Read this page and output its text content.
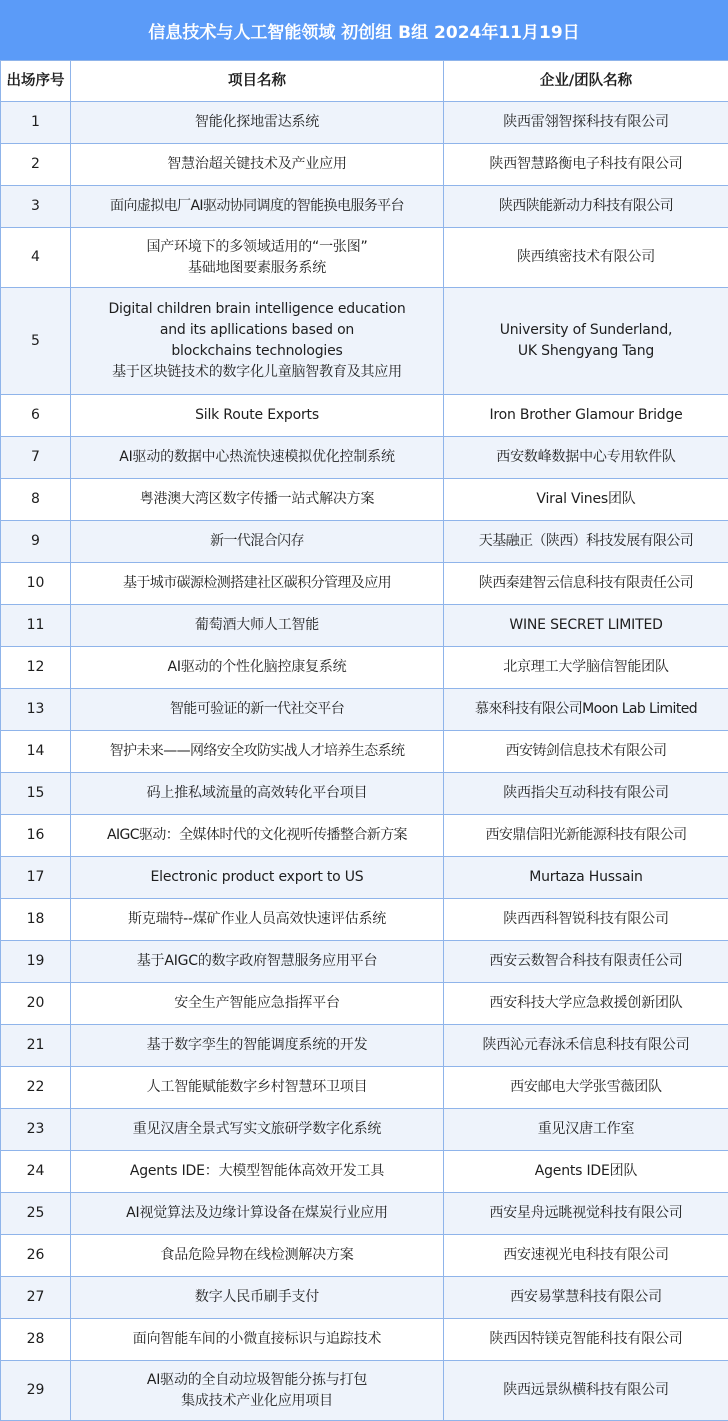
信息技术与人工智能领域 初创组 B组 2024年11月19日
出场序号	项目名称	企业/团队名称
1	智能化探地雷达系统	陕西雷翎智探科技有限公司

2	智慧治超关键技术及产业应用	陕西智慧路衡电子科技有限公司

3	面向虚拟电厂AI驱动协同调度的智能换电服务平台	陕西陕能新动力科技有限公司

4	国产环境下的多领域适用的“一张图”
基础地图要素服务系统	陕西缜密技术有限公司

5	Digital children brain intelligence education
and its apllications based on
blockchains technologies
基于区块链技术的数字化儿童脑智教育及其应用	University of Sunderland,
UK Shengyang Tang

6	Silk Route Exports	Iron Brother Glamour Bridge

7	AI驱动的数据中心热流快速模拟优化控制系统	西安数峰数据中心专用软件队

8	粤港澳大湾区数字传播一站式解决方案	Viral Vines团队

9	新一代混合闪存	天基融正（陕西）科技发展有限公司

10	基于城市碳源检测搭建社区碳积分管理及应用	陕西秦建智云信息科技有限责任公司

11	葡萄酒大师人工智能	WINE SECRET LIMITED

12	AI驱动的个性化脑控康复系统	北京理工大学脑信智能团队

13	智能可验证的新一代社交平台	慕來科技有限公司Moon Lab Limited

14	智护未来——网络安全攻防实战人才培养生态系统	西安铸剑信息技术有限公司

15	码上推私域流量的高效转化平台项目	陕西指尖互动科技有限公司

16	AIGC驱动：全媒体时代的文化视听传播整合新方案	西安鼎信阳光新能源科技有限公司

17	Electronic product export to US	Murtaza Hussain

18	斯克瑞特--煤矿作业人员高效快速评估系统	陕西西科智锐科技有限公司

19	基于AIGC的数字政府智慧服务应用平台	西安云数智合科技有限责任公司

20	安全生产智能应急指挥平台	西安科技大学应急救援创新团队

21	基于数字孪生的智能调度系统的开发	陕西沁元春泳禾信息科技有限公司

22	人工智能赋能数字乡村智慧环卫项目	西安邮电大学张雪薇团队

23	重见汉唐全景式写实文旅研学数字化系统	重见汉唐工作室

24	Agents IDE：大模型智能体高效开发工具	Agents IDE团队

25	AI视觉算法及边缘计算设备在煤炭行业应用	西安星舟远眺视觉科技有限公司

26	食品危险异物在线检测解决方案	西安速视光电科技有限公司

27	数字人民币刷手支付	西安易掌慧科技有限公司

28	面向智能车间的小微直接标识与追踪技术	陕西因特镁克智能科技有限公司

29	AI驱动的全自动垃圾智能分拣与打包
集成技术产业化应用项目	陕西远景纵横科技有限公司
